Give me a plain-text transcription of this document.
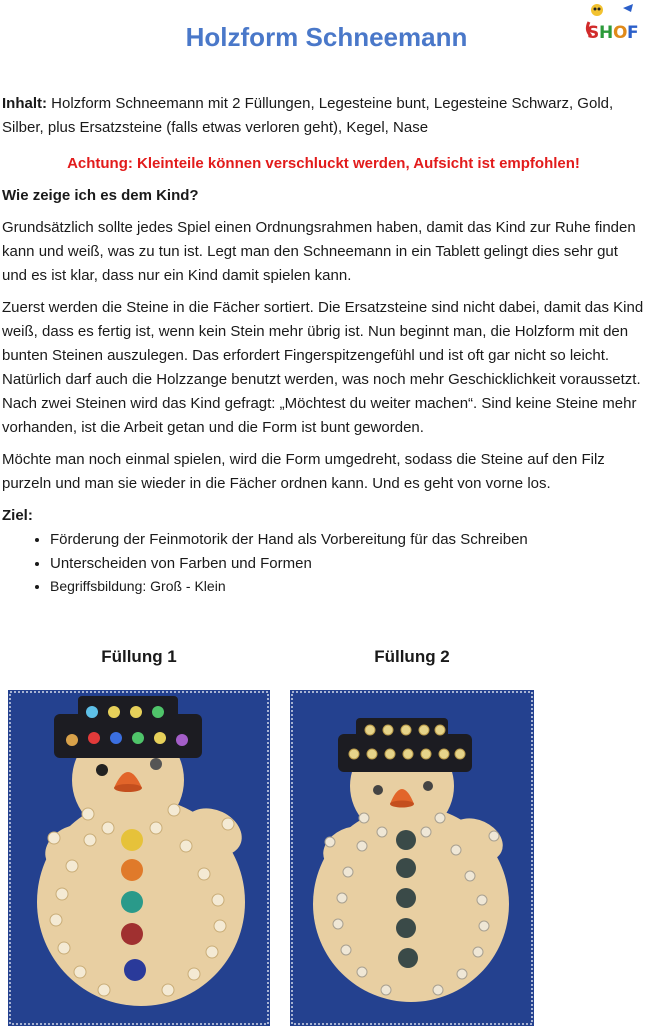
Holzform Schneemann	S H O F

Inhalt: Holzform Schneemann mit 2 Füllungen, Legesteine bunt, Legesteine Schwarz, Gold, Silber, plus Ersatzsteine (falls etwas verloren geht), Kegel, Nase

Achtung: Kleinteile können verschluckt werden, Aufsicht ist empfohlen!

Wie zeige ich es dem Kind?

Grundsätzlich sollte jedes Spiel einen Ordnungsrahmen haben, damit das Kind zur Ruhe finden kann und weiß, was zu tun ist. Legt man den Schneemann in ein Tablett gelingt dies sehr gut und es ist klar, dass nur ein Kind damit spielen kann.

Zuerst werden die Steine in die Fächer sortiert. Die Ersatzsteine sind nicht dabei, damit das Kind weiß, dass es fertig ist, wenn kein Stein mehr übrig ist. Nun beginnt man, die Holzform mit den bunten Steinen auszulegen. Das erfordert Fingerspitzengefühl und ist oft gar nicht so leicht. Natürlich darf auch die Holzzange benutzt werden, was noch mehr Geschicklichkeit voraussetzt. Nach zwei Steinen wird das Kind gefragt: „Möchtest du weiter machen“. Sind keine Steine mehr vorhanden, ist die Arbeit getan und die Form ist bunt geworden.

Möchte man noch einmal spielen, wird die Form umgedreht, sodass die Steine auf den Filz purzeln und man sie wieder in die Fächer ordnen kann. Und es geht von vorne los.

Ziel:

• Förderung der Feinmotorik der Hand als Vorbereitung für das Schreiben
• Unterscheiden von Farben und Formen
• Begriffsbildung: Groß - Klein
Füllung 1	Füllung 2
